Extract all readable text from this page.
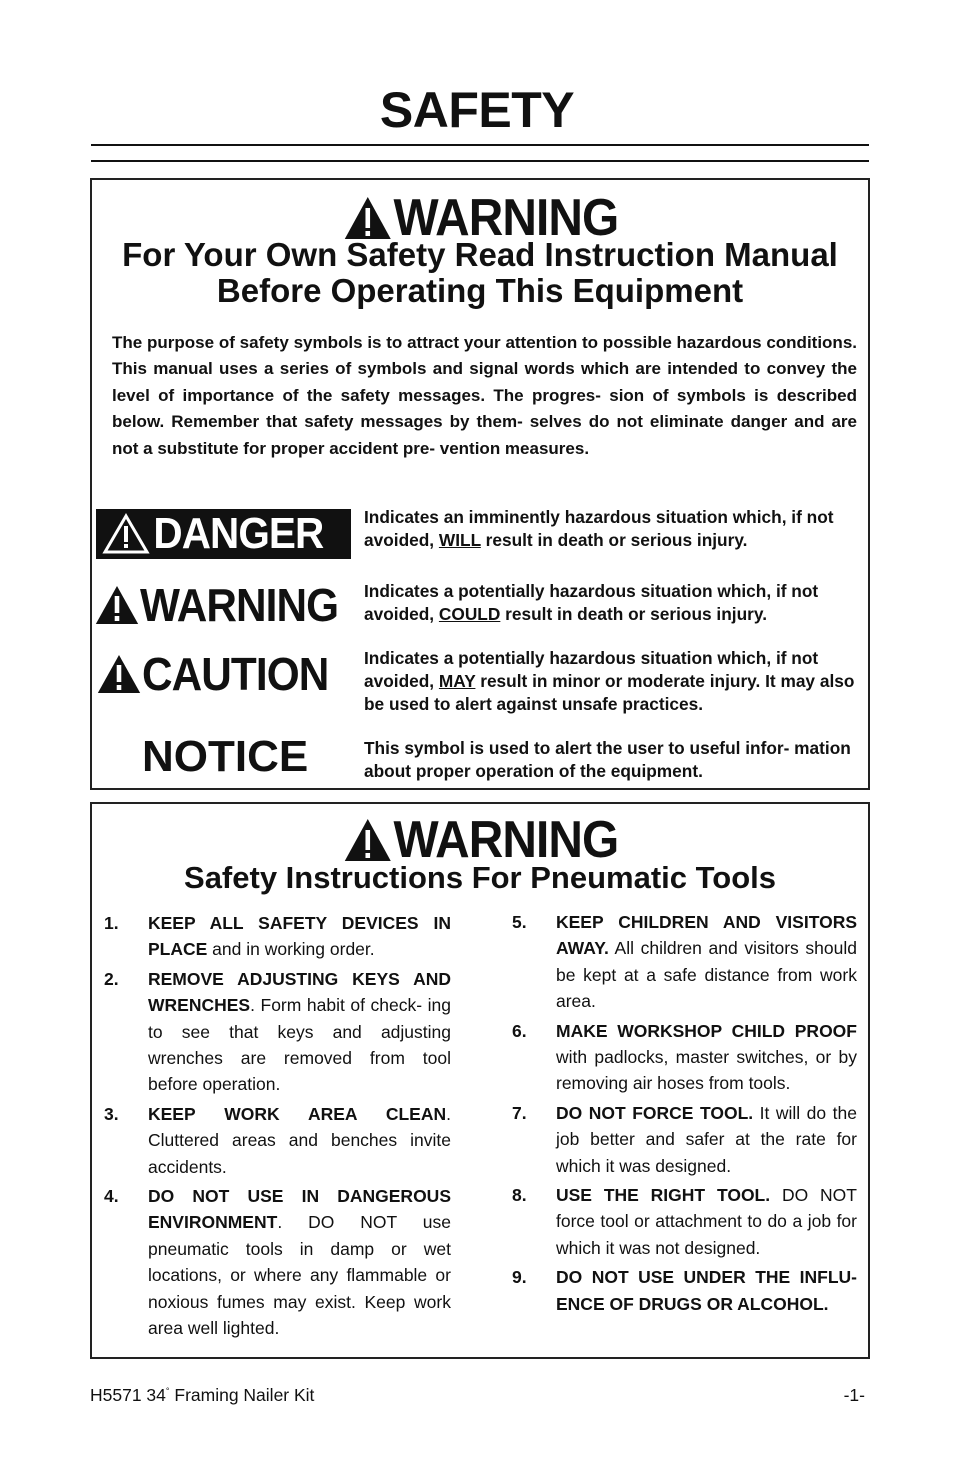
SAFETY
WARNING
For Your Own Safety Read Instruction Manual
Before Operating This Equipment
The purpose of safety symbols is to attract your attention to possible hazardous conditions. This manual uses a series of symbols and signal words which are intended to convey the level of importance of the safety messages. The progres- sion of symbols is described below. Remember that safety messages by them- selves do not eliminate danger and are not a substitute for proper accident pre- vention measures.
DANGER Indicates an imminently hazardous situation which, if not avoided, WILL result in death or serious injury.
WARNING Indicates a potentially hazardous situation which, if not avoided, COULD result in death or serious injury.
CAUTION Indicates a potentially hazardous situation which, if not avoided, MAY result in minor or moderate injury. It may also be used to alert against unsafe practices.
NOTICE	This symbol is used to alert the user to useful infor- mation about proper operation of the equipment.
WARNING
Safety Instructions For Pneumatic Tools
1. KEEP ALL SAFETY DEVICES IN PLACE and in working order.
2. REMOVE ADJUSTING KEYS AND WRENCHES. Form habit of check- ing to see that keys and adjusting wrenches are removed from tool before operation.
3. KEEP WORK AREA CLEAN. Cluttered areas and benches invite accidents.
4. DO NOT USE IN DANGEROUS ENVIRONMENT. DO NOT use pneumatic tools in damp or wet locations, or where any flammable or noxious fumes may exist. Keep work area well lighted.
5. KEEP CHILDREN AND VISITORS AWAY. All children and visitors should be kept at a safe distance from work area.
6. MAKE WORKSHOP CHILD PROOF with padlocks, master switches, or by removing air hoses from tools.
7. DO NOT FORCE TOOL. It will do the job better and safer at the rate for which it was designed.
8. USE THE RIGHT TOOL. DO NOT force tool or attachment to do a job for which it was not designed.
9. DO NOT USE UNDER THE INFLU- ENCE OF DRUGS OR ALCOHOL.
H5571 34° Framing Nailer Kit	-1-
